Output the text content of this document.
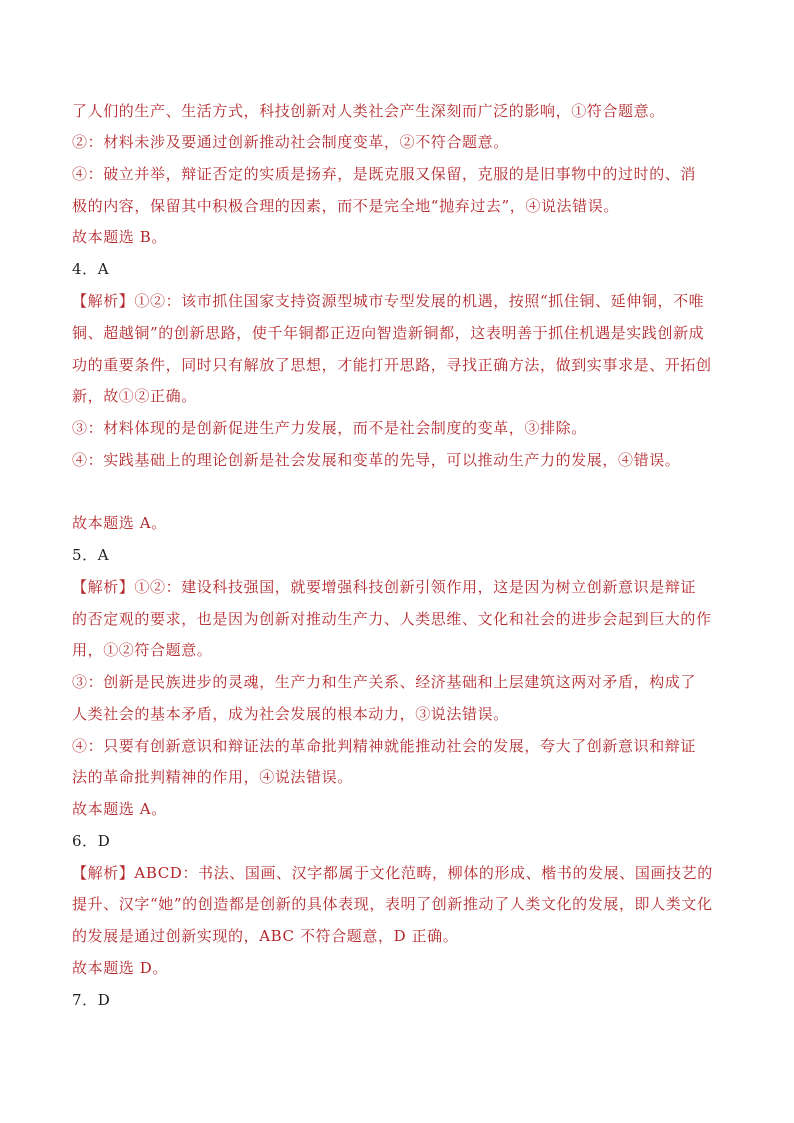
了人们的生产、生活方式，科技创新对人类社会产生深刻而广泛的影响，①符合题意。
②：材料未涉及要通过创新推动社会制度变革，②不符合题意。
④：破立并举，辩证否定的实质是扬弃，是既克服又保留，克服的是旧事物中的过时的、消
极的内容，保留其中积极合理的因素，而不是完全地“抛弃过去”，④说法错误。
故本题选 B。
4．A
【解析】①②：该市抓住国家支持资源型城市专型发展的机遇，按照“抓住铜、延伸铜，不唯
铜、超越铜”的创新思路，使千年铜都正迈向智造新铜都，这表明善于抓住机遇是实践创新成
功的重要条件，同时只有解放了思想，才能打开思路，寻找正确方法，做到实事求是、开拓创
新，故①②正确。
③：材料体现的是创新促进生产力发展，而不是社会制度的变革，③排除。
④：实践基础上的理论创新是社会发展和变革的先导，可以推动生产力的发展，④错误。
故本题选 A。
5．A
【解析】①②：建设科技强国，就要增强科技创新引领作用，这是因为树立创新意识是辩证
的否定观的要求，也是因为创新对推动生产力、人类思维、文化和社会的进步会起到巨大的作
用，①②符合题意。
③：创新是民族进步的灵魂，生产力和生产关系、经济基础和上层建筑这两对矛盾，构成了
人类社会的基本矛盾，成为社会发展的根本动力，③说法错误。
④：只要有创新意识和辩证法的革命批判精神就能推动社会的发展，夸大了创新意识和辩证
法的革命批判精神的作用，④说法错误。
故本题选 A。
6．D
【解析】ABCD：书法、国画、汉字都属于文化范畴，柳体的形成、楷书的发展、国画技艺的
提升、汉字“她”的创造都是创新的具体表现，表明了创新推动了人类文化的发展，即人类文化
的发展是通过创新实现的，ABC 不符合题意，D 正确。
故本题选 D。
7．D
